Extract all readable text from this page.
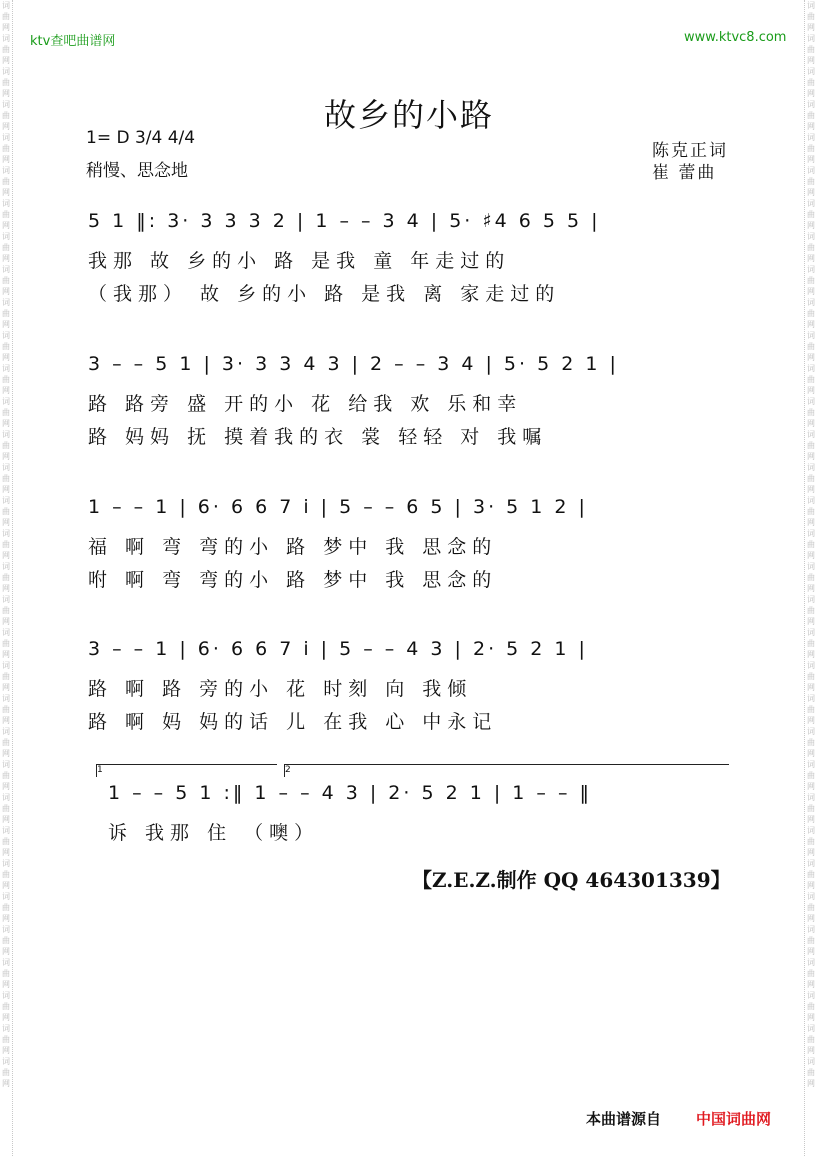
ktv查吧曲谱网	www.ktvc8.com
词曲网 词曲网 词曲网 词曲网 词曲网 词曲网 词曲网 词曲网 词曲网 词曲网 词曲网 词曲网 词曲网 词曲网 词曲网 词曲网 词曲网 词曲网 词曲网 词曲网 词曲网 词曲网 词曲网 词曲网 词曲网 词曲网 词曲网 词曲网 词曲网 词曲网 词曲网 词曲网 词曲网
词曲网 词曲网 词曲网 词曲网 词曲网 词曲网 词曲网 词曲网 词曲网 词曲网 词曲网 词曲网 词曲网 词曲网 词曲网 词曲网 词曲网 词曲网 词曲网 词曲网 词曲网 词曲网 词曲网 词曲网 词曲网 词曲网 词曲网 词曲网 词曲网 词曲网 词曲网 词曲网 词曲网
故乡的小路
1= D 3/4 4/4
稍慢、思念地
陈克正词
崔 蕾曲
5 1 ‖: 3· 3 3 3 2 | 1 – – 3 4 | 5· ♯4 6 5 5 |
我那 故 乡的小 路 是我 童 年走过的
（我那） 故 乡的小 路 是我 离 家走过的
3 – – 5 1 | 3· 3 3 4 3 | 2 – – 3 4 | 5· 5 2 1 |
路 路旁 盛 开的小 花 给我 欢 乐和幸
路 妈妈 抚 摸着我的衣 裳 轻轻 对 我嘱
1 – – 1 | 6· 6 6 7 i | 5 – – 6 5 | 3· 5 1 2 |
福 啊 弯 弯的小 路 梦中 我 思念的
咐 啊 弯 弯的小 路 梦中 我 思念的
3 – – 1 | 6· 6 6 7 i | 5 – – 4 3 | 2· 5 2 1 |
路 啊 路 旁的小 花 时刻 向 我倾
路 啊 妈 妈的话 儿 在我 心 中永记
1	2
1 – – 5 1 :‖ 1 – – 4 3 | 2· 5 2 1 | 1 – – ‖
诉 我那 住 （噢）
【Z.E.Z.制作 QQ 464301339】
本曲谱源自 中国词曲网
